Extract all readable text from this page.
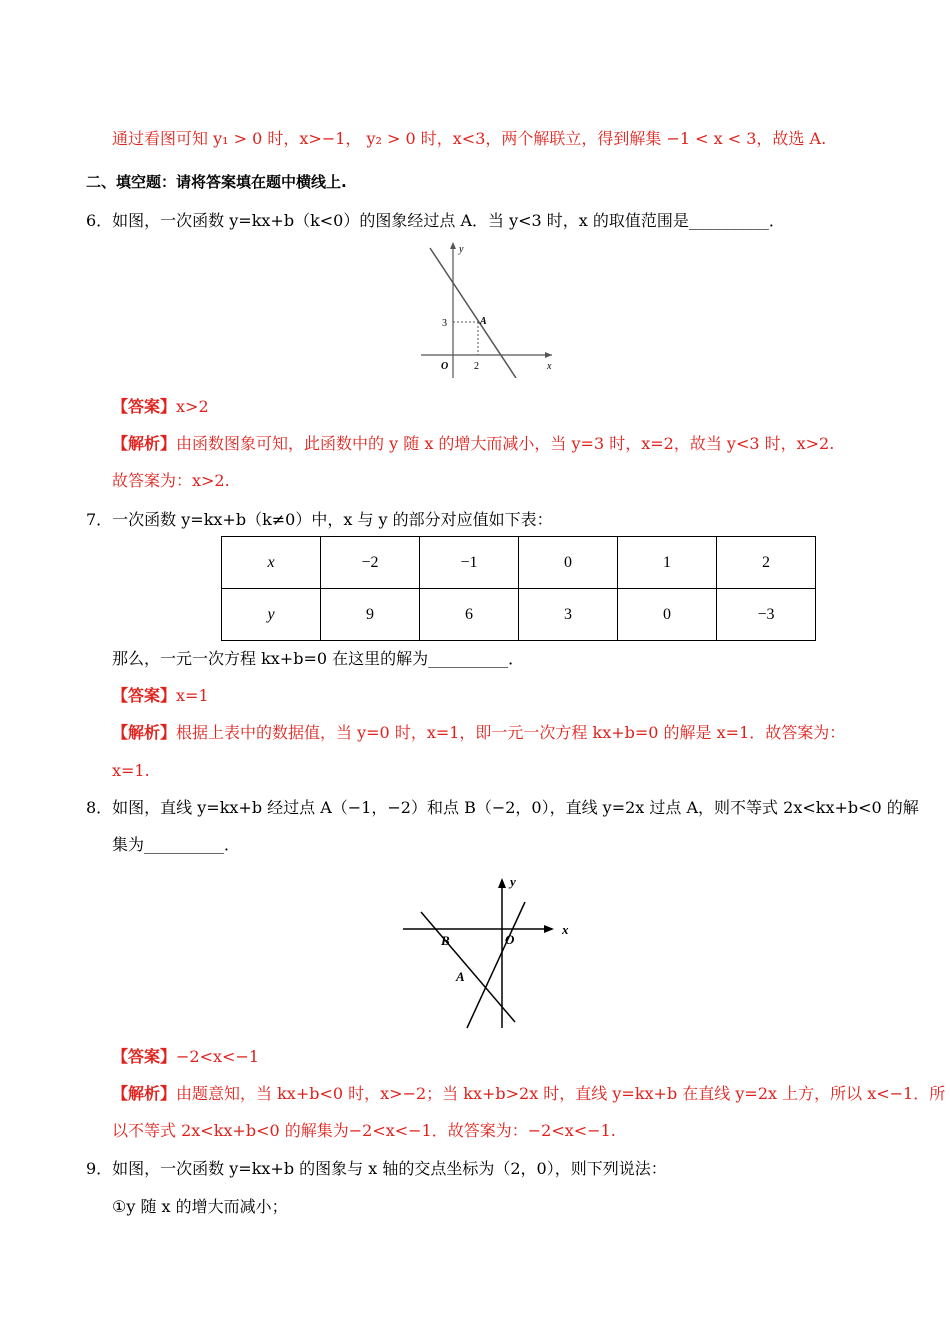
通过看图可知 y₁ > 0 时，x>−1， y₂ > 0 时，x<3，两个解联立，得到解集 −1 < x < 3，故选 A.
二、填空题：请将答案填在题中横线上.
6．如图，一次函数 y=kx+b（k<0）的图象经过点 A．当 y<3 时，x 的取值范围是__________．
y
x
O	2
3	A
【答案】x>2
【解析】由函数图象可知，此函数中的 y 随 x 的增大而减小，当 y=3 时，x=2，故当 y<3 时，x>2.
故答案为：x>2.
7．一次函数 y=kx+b（k≠0）中，x 与 y 的部分对应值如下表：
x	−2	−1	0	1	2
y	9	6	3	0	−3
那么，一元一次方程 kx+b=0 在这里的解为__________．
【答案】x=1
【解析】根据上表中的数据值，当 y=0 时，x=1，即一元一次方程 kx+b=0 的解是 x=1．故答案为：
x=1.
8．如图，直线 y=kx+b 经过点 A（−1，−2）和点 B（−2，0），直线 y=2x 过点 A，则不等式 2x<kx+b<0 的解
集为__________．
y
x
O
B
A
【答案】−2<x<−1
【解析】由题意知，当 kx+b<0 时，x>−2；当 kx+b>2x 时，直线 y=kx+b 在直线 y=2x 上方，所以 x<−1．所
以不等式 2x<kx+b<0 的解集为−2<x<−1．故答案为：−2<x<−1.
9．如图，一次函数 y=kx+b 的图象与 x 轴的交点坐标为（2，0），则下列说法：
①y 随 x 的增大而减小；
